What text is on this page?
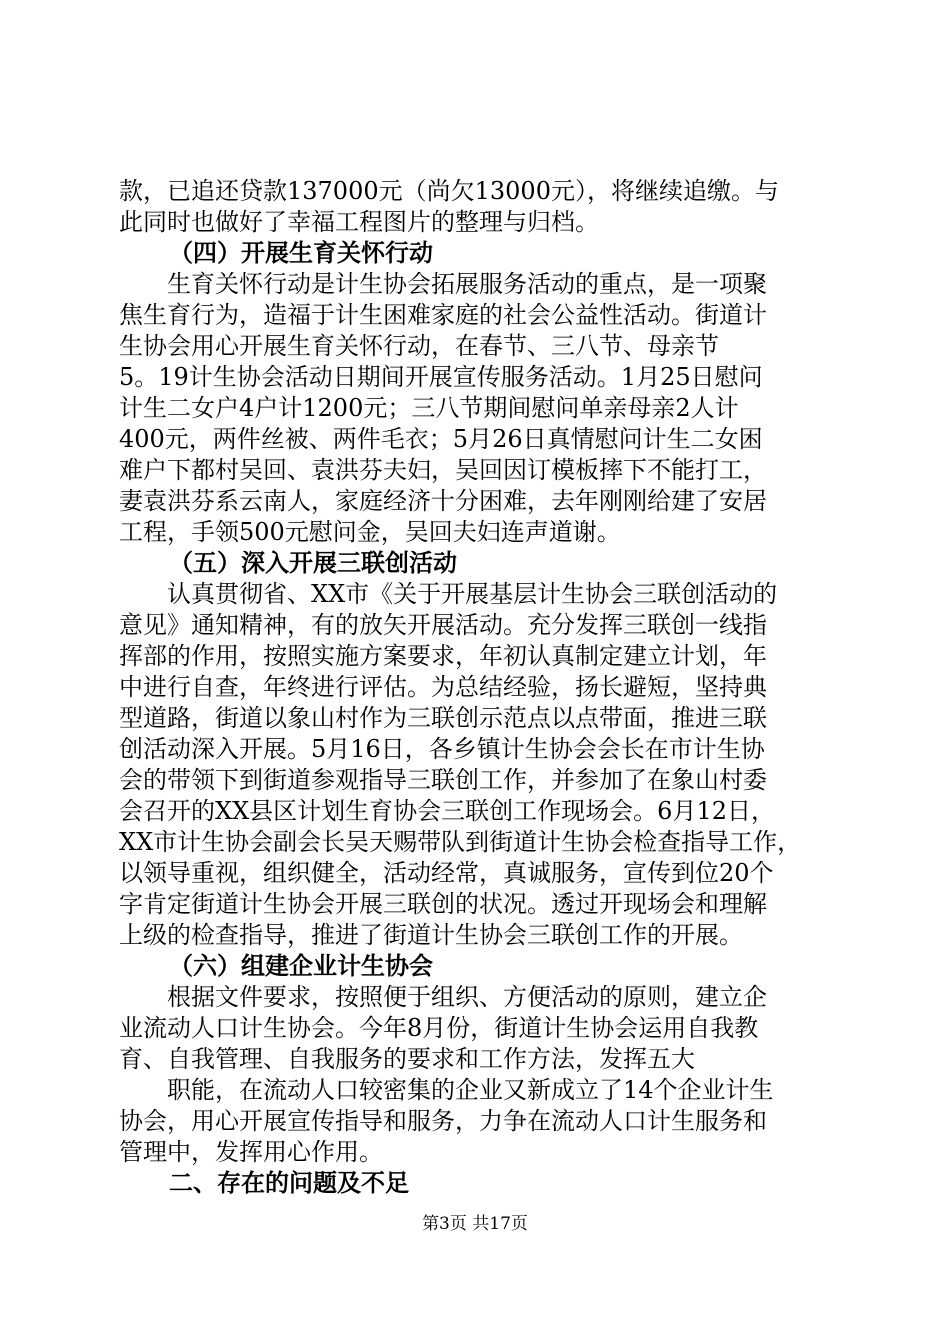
款，已追还贷款137000元（尚欠13000元），将继续追缴。与
此同时也做好了幸福工程图片的整理与归档。
（四）开展生育关怀行动
生育关怀行动是计生协会拓展服务活动的重点，是一项聚
焦生育行为，造福于计生困难家庭的社会公益性活动。街道计
生协会用心开展生育关怀行动，在春节、三八节、母亲节
5。19计生协会活动日期间开展宣传服务活动。1月25日慰问
计生二女户4户计1200元；三八节期间慰问单亲母亲2人计
400元，两件丝被、两件毛衣；5月26日真情慰问计生二女困
难户下都村吴回、袁洪芬夫妇，吴回因订模板摔下不能打工，
妻袁洪芬系云南人，家庭经济十分困难，去年刚刚给建了安居
工程，手领500元慰问金，吴回夫妇连声道谢。
（五）深入开展三联创活动
认真贯彻省、XX市《关于开展基层计生协会三联创活动的
意见》通知精神，有的放矢开展活动。充分发挥三联创一线指
挥部的作用，按照实施方案要求，年初认真制定建立计划，年
中进行自查，年终进行评估。为总结经验，扬长避短，坚持典
型道路，街道以象山村作为三联创示范点以点带面，推进三联
创活动深入开展。5月16日，各乡镇计生协会会长在市计生协
会的带领下到街道参观指导三联创工作，并参加了在象山村委
会召开的XX县区计划生育协会三联创工作现场会。6月12日，
XX市计生协会副会长吴天赐带队到街道计生协会检查指导工作，
以领导重视，组织健全，活动经常，真诚服务，宣传到位20个
字肯定街道计生协会开展三联创的状况。透过开现场会和理解
上级的检查指导，推进了街道计生协会三联创工作的开展。
（六）组建企业计生协会
根据文件要求，按照便于组织、方便活动的原则，建立企
业流动人口计生协会。今年8月份，街道计生协会运用自我教
育、自我管理、自我服务的要求和工作方法，发挥五大
职能，在流动人口较密集的企业又新成立了14个企业计生
协会，用心开展宣传指导和服务，力争在流动人口计生服务和
管理中，发挥用心作用。
二、存在的问题及不足
第3页 共17页
